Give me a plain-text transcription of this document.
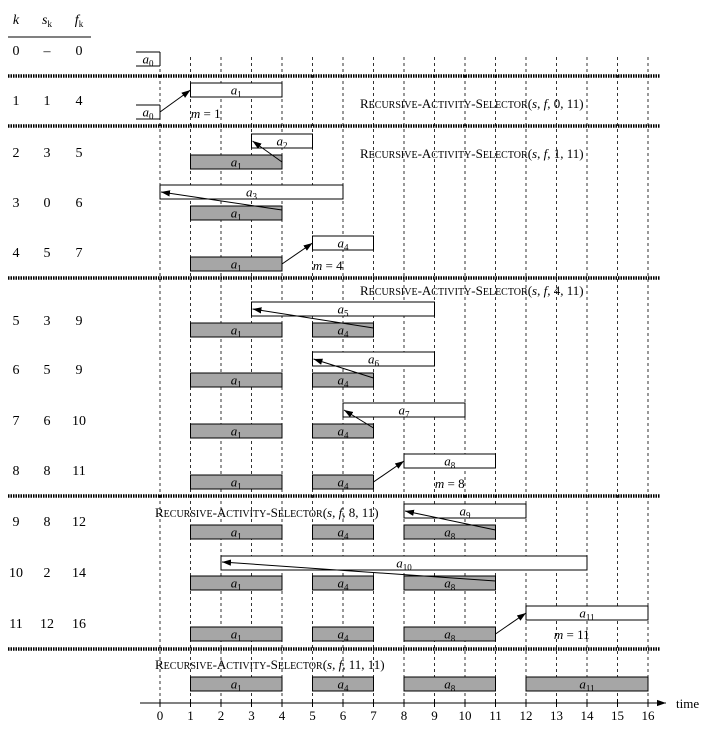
k $s_k$ $f_k$
0 – 0
1 1 4
2 3 5
3 0 6
4 5 7
5 3 9
6 5 9
7 6 10
8 8 11
9 8 12
10 2 14
11 12 16
$a_0$
$a_1$
$a_0$
$a_2$
$a_1$
$a_3$
$a_1$
$a_4$
$a_1$
$a_5$
$a_1$	$a_4$
$a_6$
$a_1$	$a_4$
$a_7$
$a_1$	$a_4$
$a_8$
$a_1$	$a_4$
$a_9$
$a_1$	$a_4$	$a_8$
$a_{10}$
$a_1$	$a_4$	$a_8$
$a_{11}$
$a_1$	$a_4$	$a_8$
$a_1$	$a_4$	$a_8$	$a_{11}$
m = 1
m = 4
m = 8
m = 11
RECURSIVE-ACTIVITY-SELECTOR(s, f, 0, 11)
RECURSIVE-ACTIVITY-SELECTOR(s, f, 1, 11)
RECURSIVE-ACTIVITY-SELECTOR(s, f, 4, 11)
RECURSIVE-ACTIVITY-SELECTOR(s, f, 8, 11)
RECURSIVE-ACTIVITY-SELECTOR(s, f, 11, 11)
0 1 2 3 4 5 6 7 8 9 10 11 12 13 14 15 16
time
